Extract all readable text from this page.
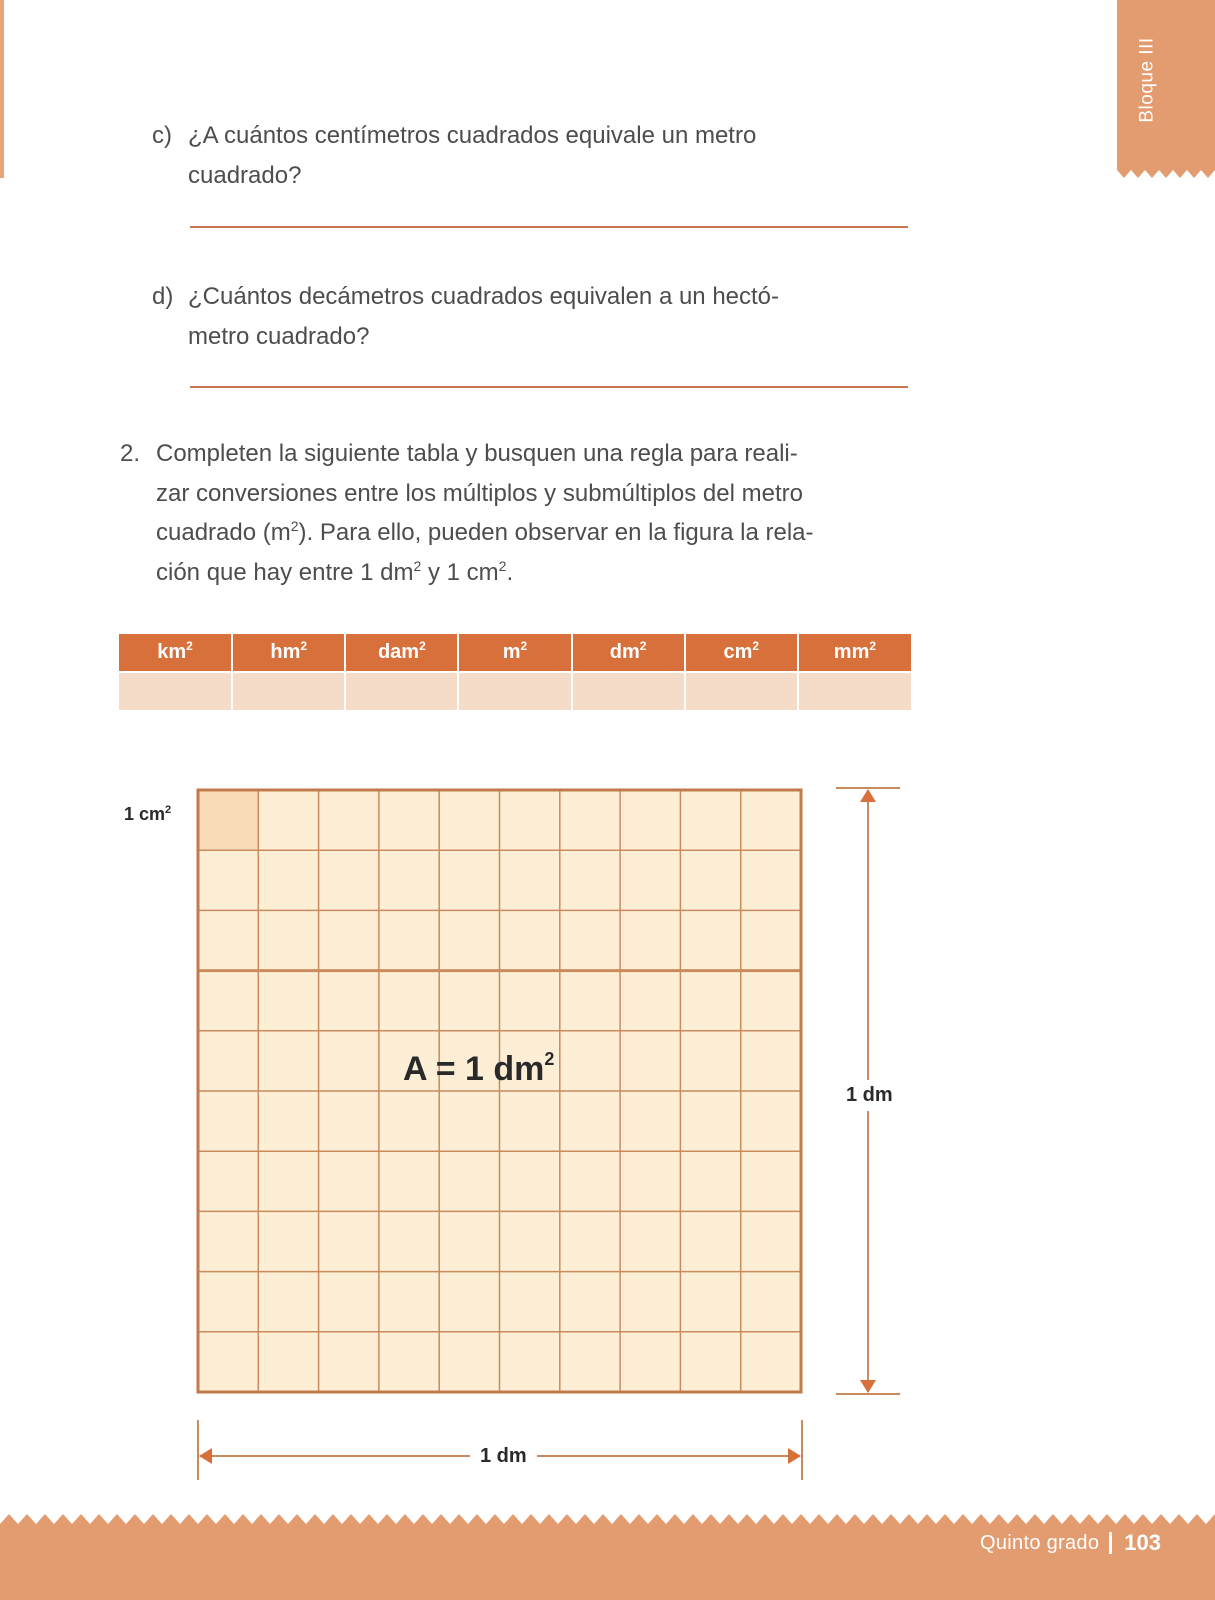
Bloque III
c) ¿A cuántos centímetros cuadrados equivale un metro
cuadrado?
d) ¿Cuántos decámetros cuadrados equivalen a un hectó-
metro cuadrado?
2. Completen la siguiente tabla y busquen una regla para reali-
zar conversiones entre los múltiplos y submúltiplos del metro
cuadrado $(m^2)$. Para ello, pueden observar en la figura la rela-
ción que hay entre 1 $dm^2$ y 1 $cm^2$.
$km^2$	$hm^2$	dam$^2$	$m^2$	$dm^2$	$cm^2$	$mm^2$

1 $cm^2$
A = 1 $dm^2$
1 dm
1 dm
Quinto grado 103
